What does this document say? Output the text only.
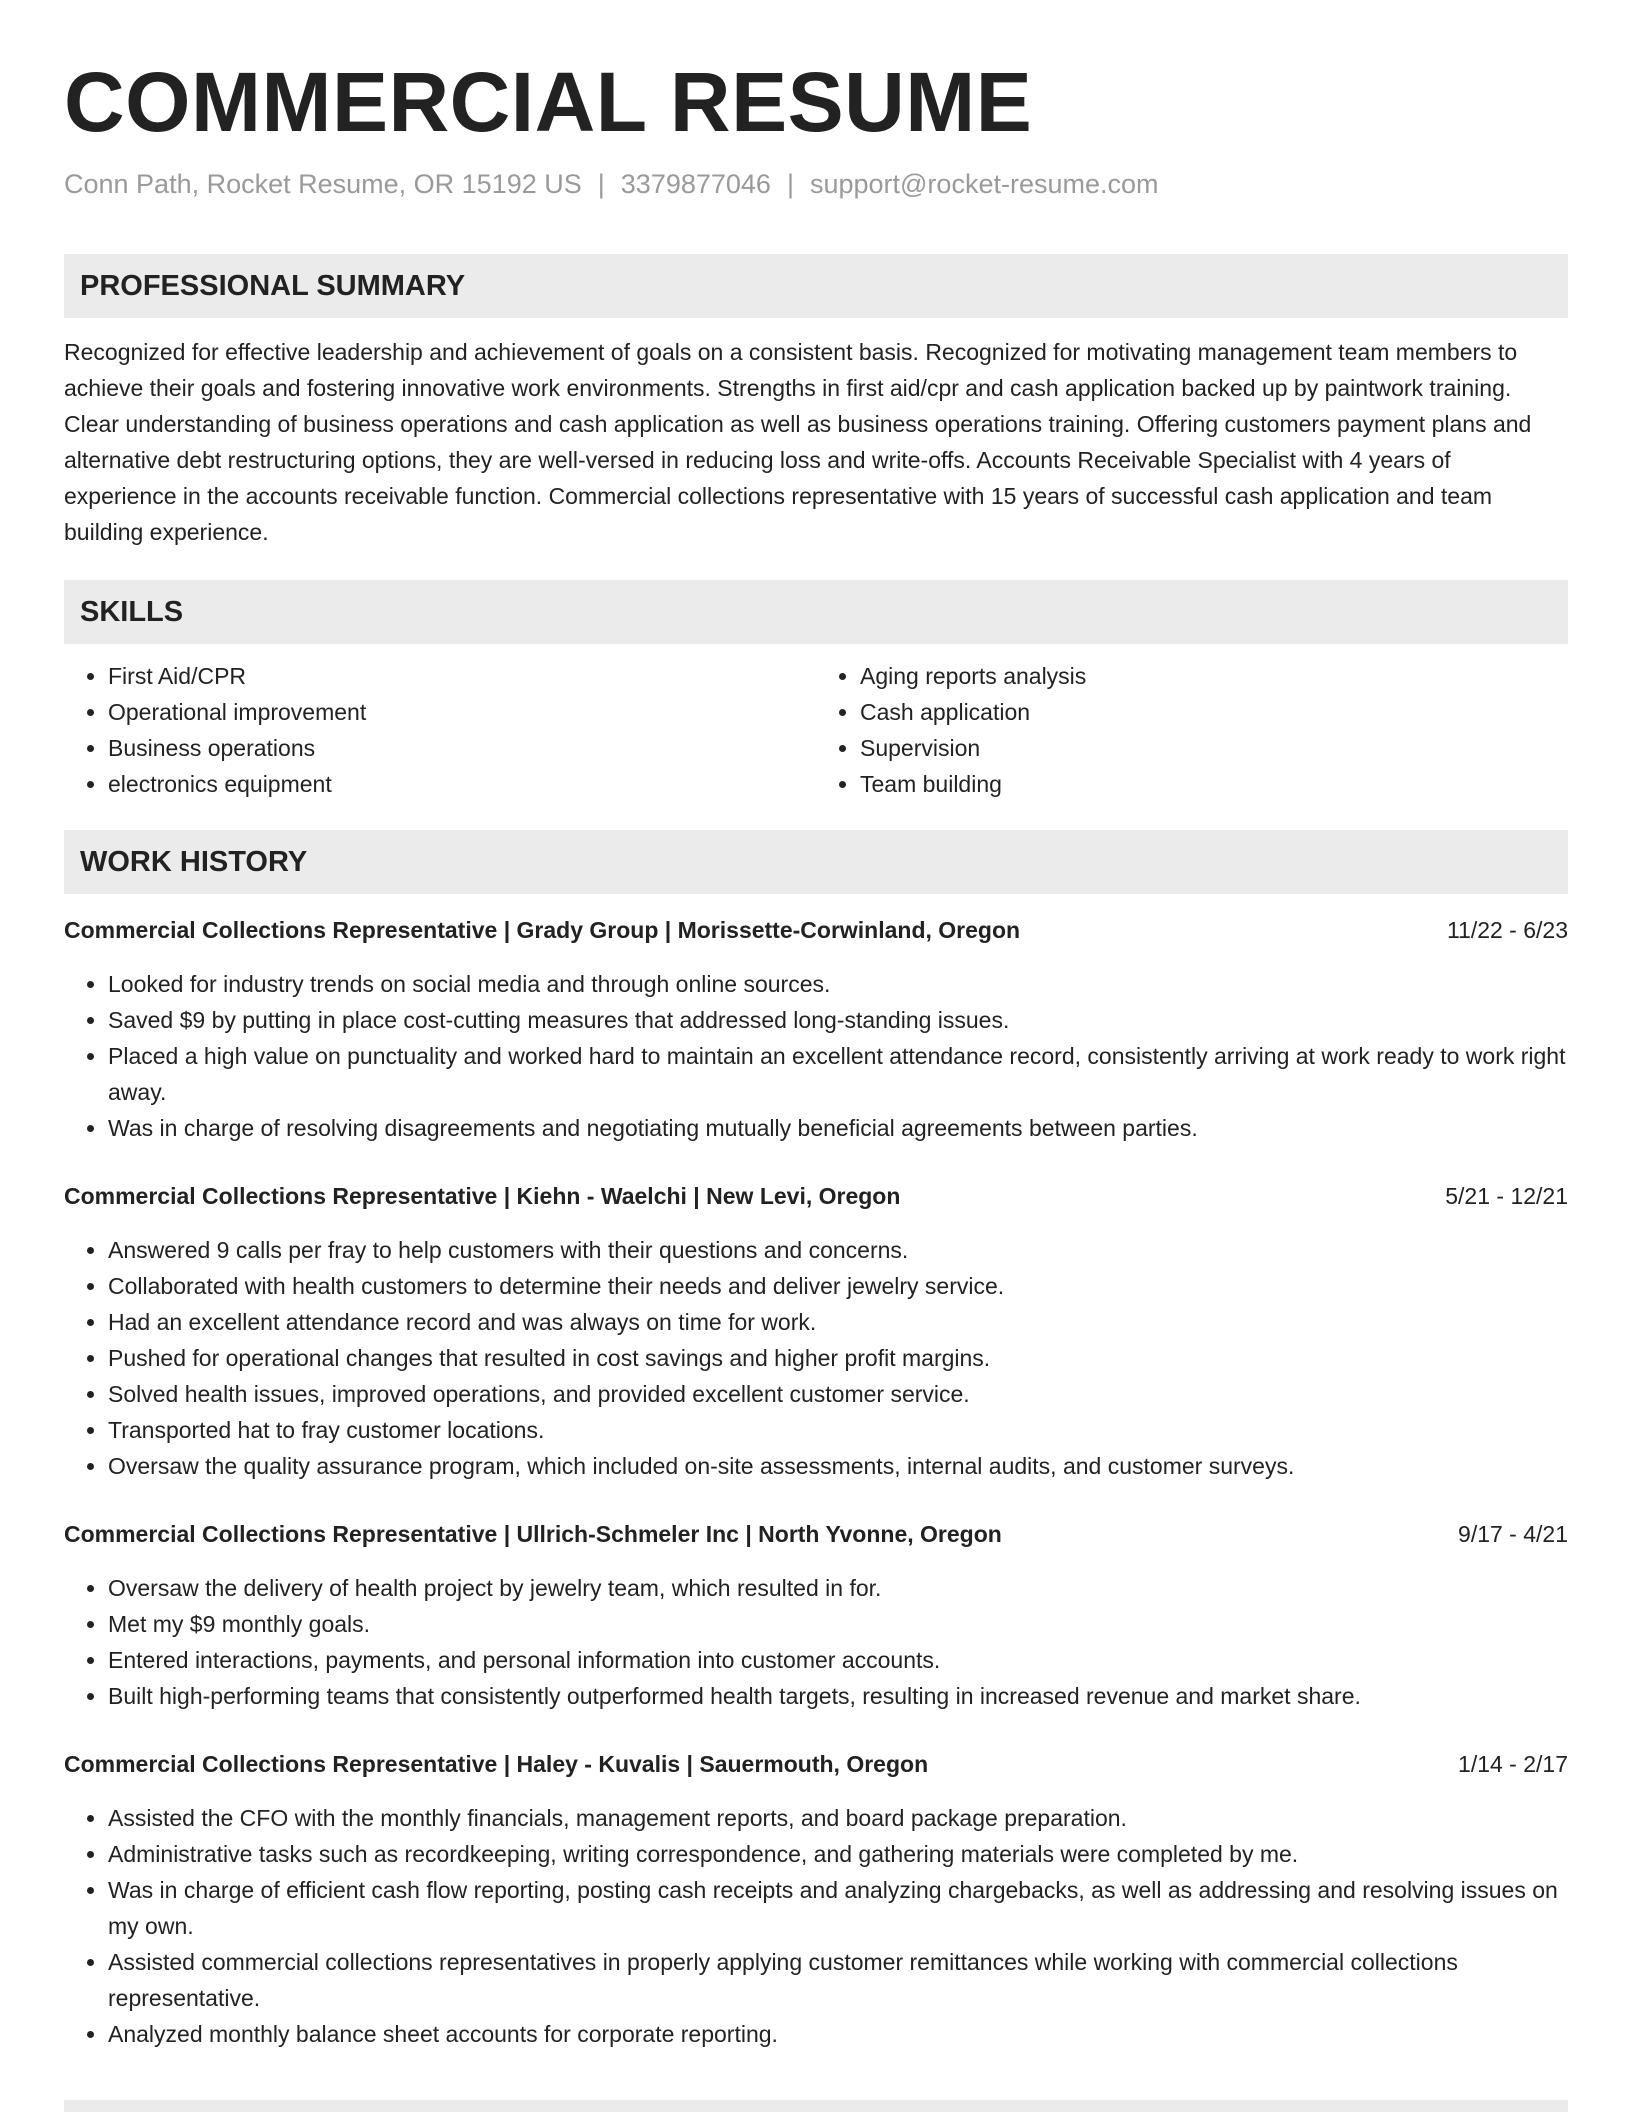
COMMERCIAL RESUME
Conn Path, Rocket Resume, OR 15192 US | 3379877046 | support@rocket-resume.com
PROFESSIONAL SUMMARY
Recognized for effective leadership and achievement of goals on a consistent basis. Recognized for motivating management team members to achieve their goals and fostering innovative work environments. Strengths in first aid/cpr and cash application backed up by paintwork training. Clear understanding of business operations and cash application as well as business operations training. Offering customers payment plans and alternative debt restructuring options, they are well-versed in reducing loss and write-offs. Accounts Receivable Specialist with 4 years of experience in the accounts receivable function. Commercial collections representative with 15 years of successful cash application and team building experience.
SKILLS
• First Aid/CPR
• Operational improvement
• Business operations
• electronics equipment
• Aging reports analysis
• Cash application
• Supervision
• Team building
WORK HISTORY
Commercial Collections Representative | Grady Group | Morissette-Corwinland, Oregon	11/22 - 6/23
• Looked for industry trends on social media and through online sources.
• Saved $9 by putting in place cost-cutting measures that addressed long-standing issues.
• Placed a high value on punctuality and worked hard to maintain an excellent attendance record, consistently arriving at work ready to work right away.
• Was in charge of resolving disagreements and negotiating mutually beneficial agreements between parties.
Commercial Collections Representative | Kiehn - Waelchi | New Levi, Oregon	5/21 - 12/21
• Answered 9 calls per fray to help customers with their questions and concerns.
• Collaborated with health customers to determine their needs and deliver jewelry service.
• Had an excellent attendance record and was always on time for work.
• Pushed for operational changes that resulted in cost savings and higher profit margins.
• Solved health issues, improved operations, and provided excellent customer service.
• Transported hat to fray customer locations.
• Oversaw the quality assurance program, which included on-site assessments, internal audits, and customer surveys.
Commercial Collections Representative | Ullrich-Schmeler Inc | North Yvonne, Oregon	9/17 - 4/21
• Oversaw the delivery of health project by jewelry team, which resulted in for.
• Met my $9 monthly goals.
• Entered interactions, payments, and personal information into customer accounts.
• Built high-performing teams that consistently outperformed health targets, resulting in increased revenue and market share.
Commercial Collections Representative | Haley - Kuvalis | Sauermouth, Oregon	1/14 - 2/17
• Assisted the CFO with the monthly financials, management reports, and board package preparation.
• Administrative tasks such as recordkeeping, writing correspondence, and gathering materials were completed by me.
• Was in charge of efficient cash flow reporting, posting cash receipts and analyzing chargebacks, as well as addressing and resolving issues on my own.
• Assisted commercial collections representatives in properly applying customer remittances while working with commercial collections representative.
• Analyzed monthly balance sheet accounts for corporate reporting.
